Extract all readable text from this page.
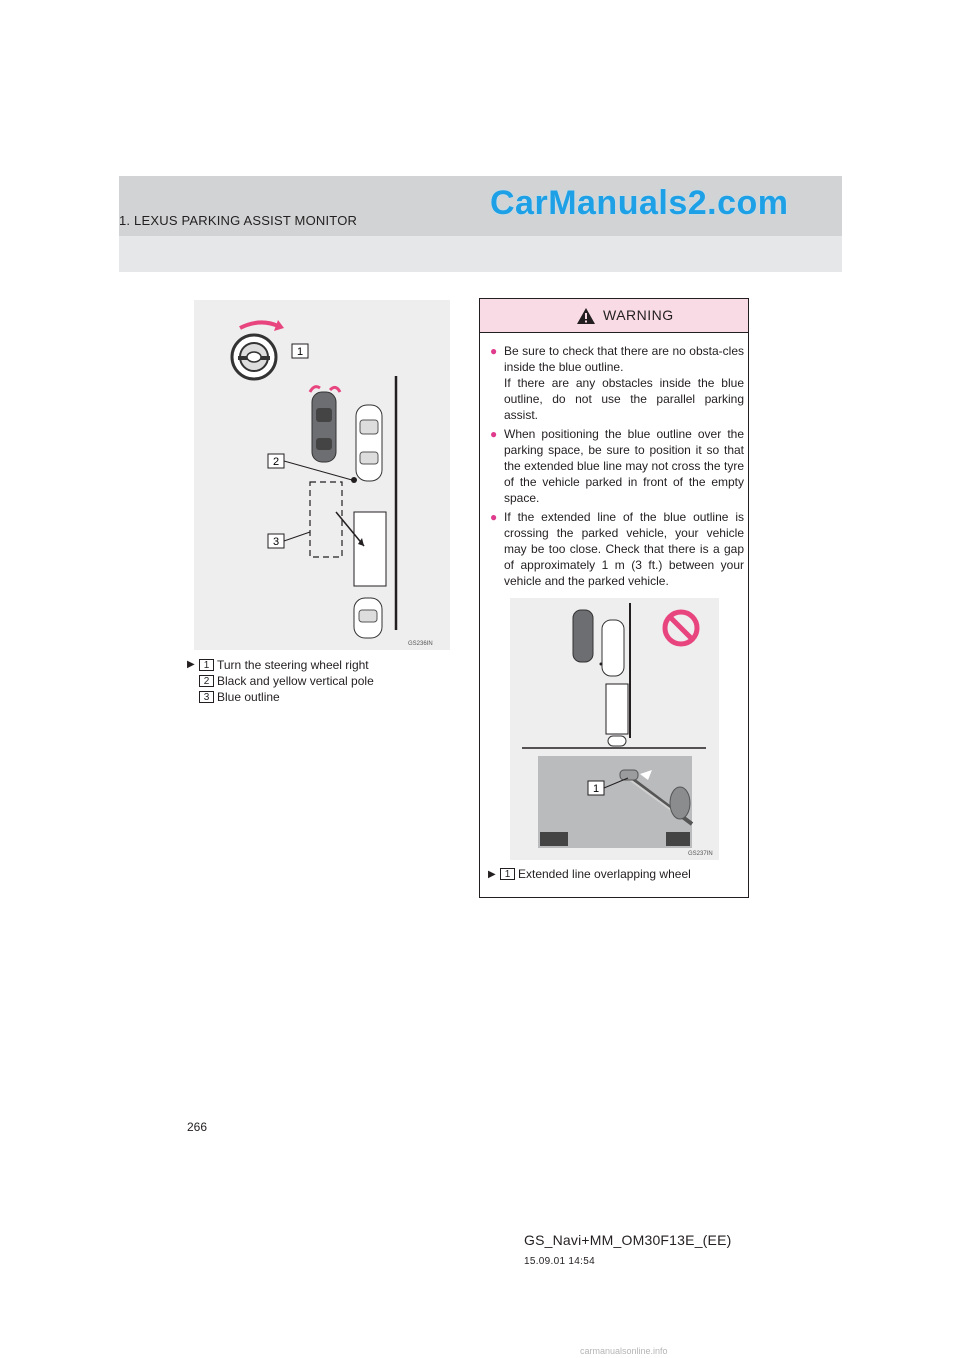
1. LEXUS PARKING ASSIST MONITOR	CarManuals2.com
1
2
3
GS236IN
▶ 1 Turn the steering wheel right
2 Black and yellow vertical pole
3 Blue outline
WARNING
● Be sure to check that there are no obsta-cles inside the blue outline.
If there are any obstacles inside the blue outline, do not use the parallel parking assist.
● When positioning the blue outline over the parking space, be sure to position it so that the extended blue line may not cross the tyre of the vehicle parked in front of the empty space.
● If the extended line of the blue outline is crossing the parked vehicle, your vehicle may be too close. Check that there is a gap of approximately 1 m (3 ft.) between your vehicle and the parked vehicle.
1
GS237IN
▶ 1 Extended line overlapping wheel
266
GS_Navi+MM_OM30F13E_(EE)
15.09.01 14:54
carmanualsonline.info
